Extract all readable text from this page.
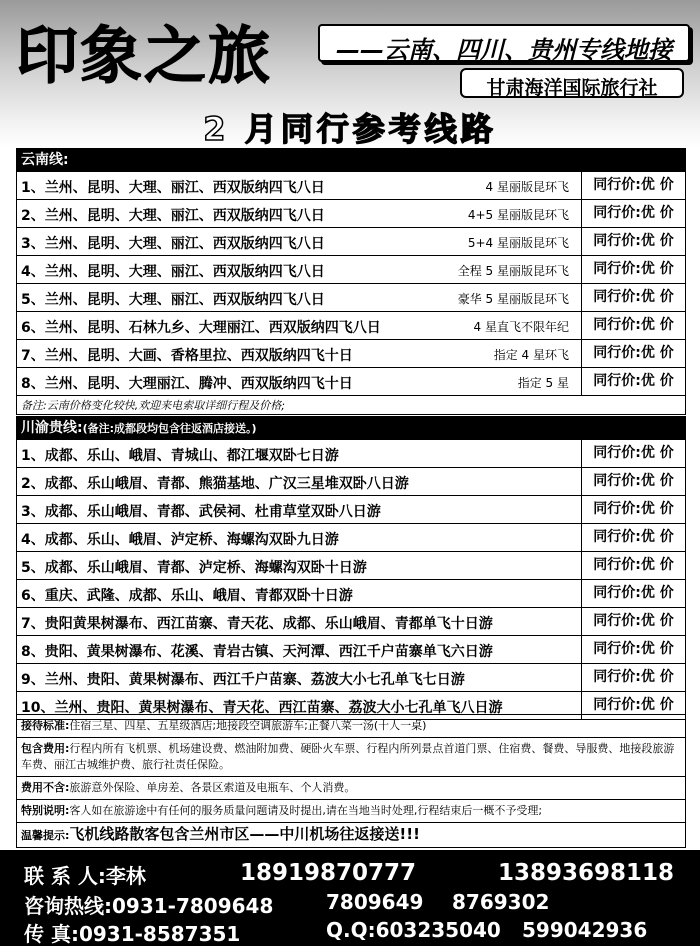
印象之旅	——云南、四川、贵州专线地接
甘肃海洋国际旅行社
2 月同行参考线路
云南线:
1、兰州、昆明、大理、丽江、西双版纳四飞八日	4 星丽版昆环飞	同行价:优 价
2、兰州、昆明、大理、丽江、西双版纳四飞八日	4+5 星丽版昆环飞	同行价:优 价
3、兰州、昆明、大理、丽江、西双版纳四飞八日	5+4 星丽版昆环飞	同行价:优 价
4、兰州、昆明、大理、丽江、西双版纳四飞八日	全程 5 星丽版昆环飞	同行价:优 价
5、兰州、昆明、大理、丽江、西双版纳四飞八日	豪华 5 星丽版昆环飞	同行价:优 价
6、兰州、昆明、石林九乡、大理丽江、西双版纳四飞八日	4 星直飞不限年纪	同行价:优 价
7、兰州、昆明、大画、香格里拉、西双版纳四飞十日	指定 4 星环飞	同行价:优 价
8、兰州、昆明、大理丽江、腾冲、西双版纳四飞十日	指定 5 星	同行价:优 价
备注:云南价格变化较快,欢迎来电索取详细行程及价格;
川渝贵线:(备注:成都段均包含往返酒店接送。)
1、成都、乐山、峨眉、青城山、都江堰双卧七日游	同行价:优 价
2、成都、乐山峨眉、青都、熊猫基地、广汉三星堆双卧八日游	同行价:优 价
3、成都、乐山峨眉、青都、武侯祠、杜甫草堂双卧八日游	同行价:优 价
4、成都、乐山、峨眉、泸定桥、海螺沟双卧九日游	同行价:优 价
5、成都、乐山峨眉、青都、泸定桥、海螺沟双卧十日游	同行价:优 价
6、重庆、武隆、成都、乐山、峨眉、青都双卧十日游	同行价:优 价
7、贵阳黄果树瀑布、西江苗寨、青天花、成都、乐山峨眉、青都单飞十日游	同行价:优 价
8、贵阳、黄果树瀑布、花溪、青岩古镇、天河潭、西江千户苗寨单飞六日游	同行价:优 价
9、兰州、贵阳、黄果树瀑布、西江千户苗寨、荔波大小七孔单飞七日游	同行价:优 价
10、兰州、贵阳、黄果树瀑布、青天花、西江苗寨、荔波大小七孔单飞八日游	同行价:优 价
接待标准:住宿三星、四星、五星级酒店;地接段空调旅游车;正餐八菜一汤(十人一桌)
包含费用:行程内所有飞机票、机场建设费、燃油附加费、硬卧火车票、行程内所列景点首道门票、住宿费、餐费、导服费、地接段旅游车费、丽江古城维护费、旅行社责任保险。
费用不含:旅游意外保险、单房差、各景区索道及电瓶车、个人消费。
特别说明:客人如在旅游途中有任何的服务质量问题请及时提出,请在当地当时处理,行程结束后一概不予受理;
温馨提示:飞机线路散客包含兰州市区——中川机场往返接送!!!
联 系 人:李林	18919870777	13893698118
咨询热线:0931-7809648	7809649 8769302
传 真:0931-8587351	Q.Q:603235040 599042936
